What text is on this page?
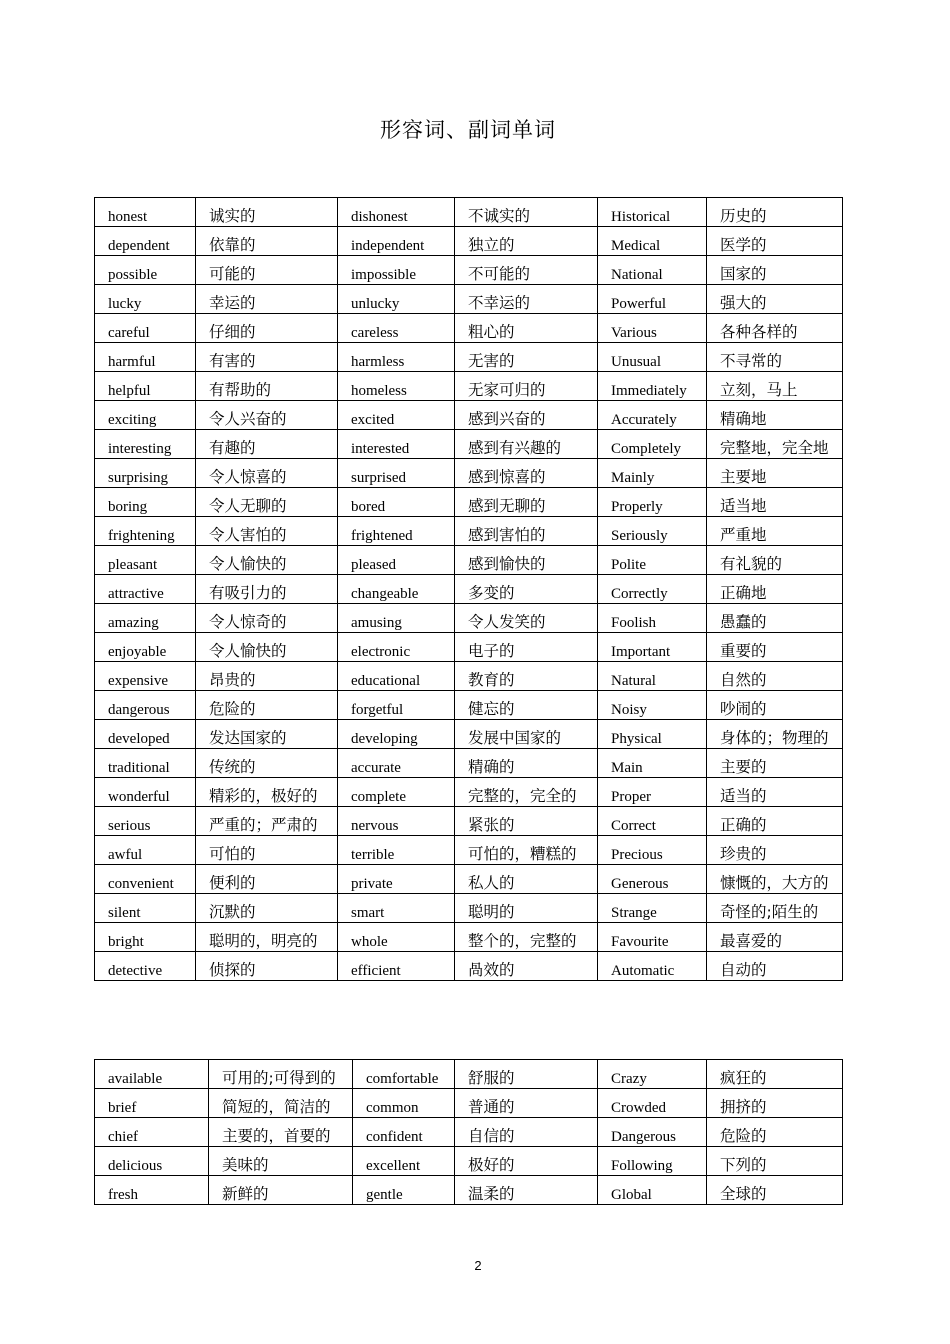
形容词、副词单词
honest	诚实的	dishonest	不诚实的	Historical	历史的
dependent	依靠的	independent	独立的	Medical	医学的
possible	可能的	impossible	不可能的	National	国家的
lucky	幸运的	unlucky	不幸运的	Powerful	强大的
careful	仔细的	careless	粗心的	Various	各种各样的
harmful	有害的	harmless	无害的	Unusual	不寻常的
helpful	有帮助的	homeless	无家可归的	Immediately	立刻，马上
exciting	令人兴奋的	excited	感到兴奋的	Accurately	精确地
interesting	有趣的	interested	感到有兴趣的	Completely	完整地，完全地
surprising	令人惊喜的	surprised	感到惊喜的	Mainly	主要地
boring	令人无聊的	bored	感到无聊的	Properly	适当地
frightening	令人害怕的	frightened	感到害怕的	Seriously	严重地
pleasant	令人愉快的	pleased	感到愉快的	Polite	有礼貌的
attractive	有吸引力的	changeable	多变的	Correctly	正确地
amazing	令人惊奇的	amusing	令人发笑的	Foolish	愚蠢的
enjoyable	令人愉快的	electronic	电子的	Important	重要的
expensive	昂贵的	educational	教育的	Natural	自然的
dangerous	危险的	forgetful	健忘的	Noisy	吵闹的
developed	发达国家的	developing	发展中国家的	Physical	身体的；物理的
traditional	传统的	accurate	精确的	Main	主要的
wonderful	精彩的，极好的	complete	完整的，完全的	Proper	适当的
serious	严重的；严肃的	nervous	紧张的	Correct	正确的
awful	可怕的	terrible	可怕的，糟糕的	Precious	珍贵的
convenient	便利的	private	私人的	Generous	慷慨的，大方的
silent	沉默的	smart	聪明的	Strange	奇怪的;陌生的
bright	聪明的，明亮的	whole	整个的，完整的	Favourite	最喜爱的
detective	侦探的	efficient	咼效的	Automatic	自动的
available	可用的;可得到的	comfortable	舒服的	Crazy	疯狂的
brief	简短的，简洁的	common	普通的	Crowded	拥挤的
chief	主要的，首要的	confident	自信的	Dangerous	危险的
delicious	美味的	excellent	极好的	Following	下列的
fresh	新鲜的	gentle	温柔的	Global	全球的
2
